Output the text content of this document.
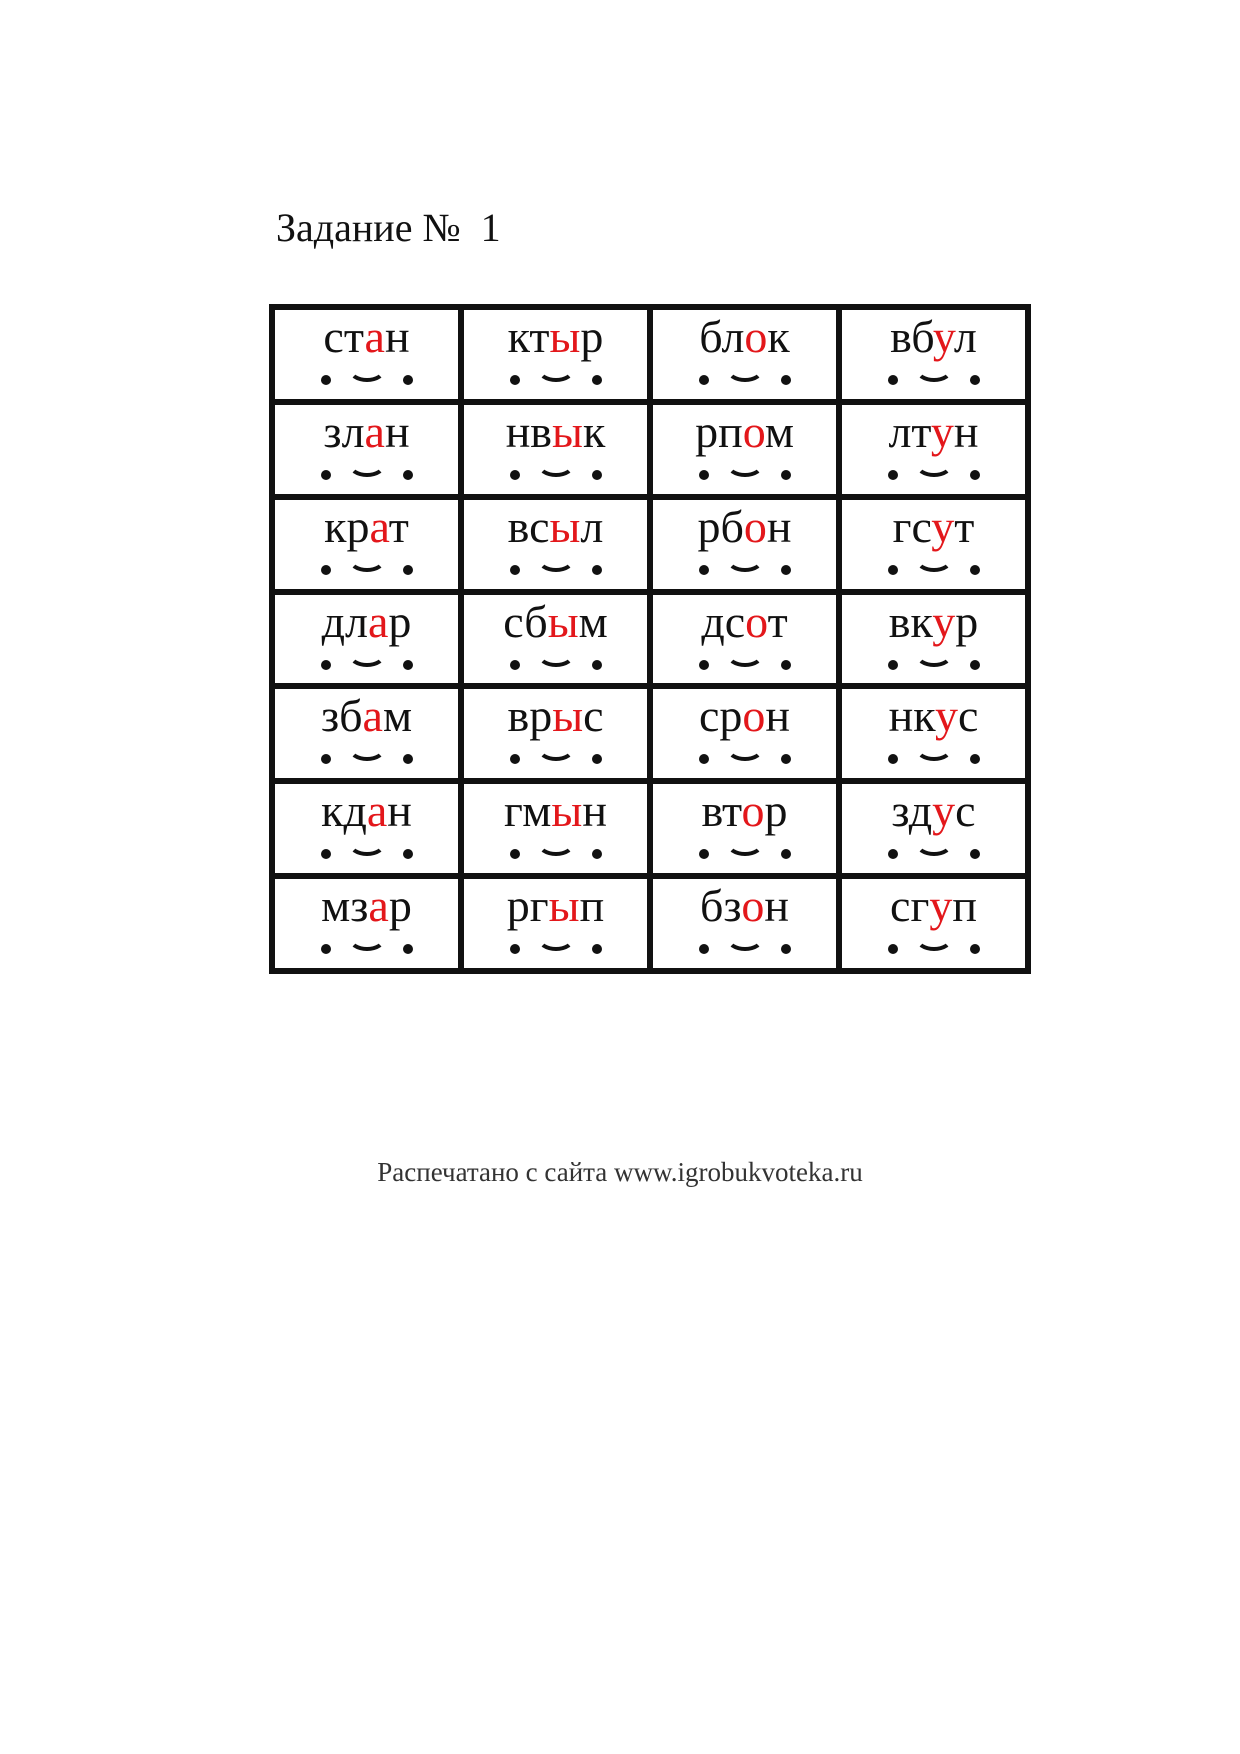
Задание №  1
стан	ктыр	блок	вбул
злан	нвык	рпом	лтун
крат	всыл	рбон	гсут
длар	сбым	дсот	вкур
збам	врыс	срон	нкус
кдан	гмын	втор	здус
мзар	ргып	бзон	сгуп
Распечатано с сайта www.igrobukvoteka.ru
